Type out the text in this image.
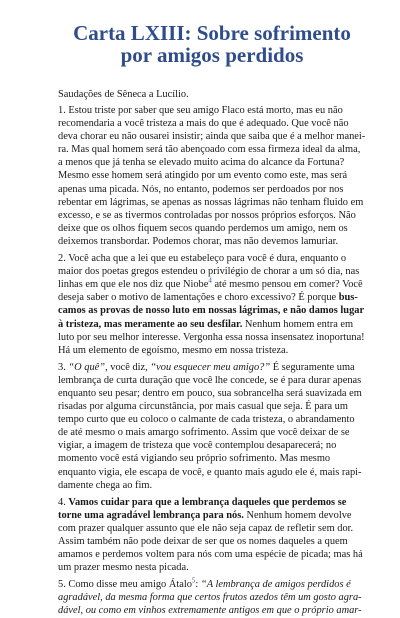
Carta LXIII: Sobre sofrimento
por amigos perdidos

Saudações de Sêneca a Lucílio.

1. Estou triste por saber que seu amigo Flaco está morto, mas eu não
recomendaria a você tristeza a mais do que é adequado. Que você não
deva chorar eu não ousarei insistir; ainda que saiba que é a melhor manei-
ra. Mas qual homem será tão abençoado com essa firmeza ideal da alma,
a menos que já tenha se elevado muito acima do alcance da Fortuna?
Mesmo esse homem será atingido por um evento como este, mas será
apenas uma picada. Nós, no entanto, podemos ser perdoados por nos
rebentar em lágrimas, se apenas as nossas lágrimas não tenham fluido em
excesso, e se as tivermos controladas por nossos próprios esforços. Não
deixe que os olhos fiquem secos quando perdemos um amigo, nem os
deixemos transbordar. Podemos chorar, mas não devemos lamuriar.

2. Você acha que a lei que eu estabeleço para você é dura, enquanto o
maior dos poetas gregos estendeu o privilégio de chorar a um só dia, nas
linhas em que ele nos diz que Niobe$^4$ até mesmo pensou em comer? Você
deseja saber o motivo de lamentações e choro excessivo? É porque bus-
camos as provas de nosso luto em nossas lágrimas, e não damos lugar
à tristeza, mas meramente ao seu desfilar. Nenhum homem entra em
luto por seu melhor interesse. Vergonha essa nossa insensatez inoportuna!
Há um elemento de egoísmo, mesmo em nossa tristeza.

3. “O quê”, você diz, “vou esquecer meu amigo?” É seguramente uma
lembrança de curta duração que você lhe concede, se é para durar apenas
enquanto seu pesar; dentro em pouco, sua sobrancelha será suavizada em
risadas por alguma circunstância, por mais casual que seja. É para um
tempo curto que eu coloco o calmante de cada tristeza, o abrandamento
de até mesmo o mais amargo sofrimento. Assim que você deixar de se
vigiar, a imagem de tristeza que você contemplou desaparecerá; no
momento você está vigiando seu próprio sofrimento. Mas mesmo
enquanto vigia, ele escapa de você, e quanto mais agudo ele é, mais rapi-
damente chega ao fim.

4. Vamos cuidar para que a lembrança daqueles que perdemos se
torne uma agradável lembrança para nós. Nenhum homem devolve
com prazer qualquer assunto que ele não seja capaz de refletir sem dor.
Assim também não pode deixar de ser que os nomes daqueles a quem
amamos e perdemos voltem para nós com uma espécie de picada; mas há
um prazer mesmo nesta picada.

5. Como disse meu amigo Átalo$^5$: “A lembrança de amigos perdidos é
agradável, da mesma forma que certos frutos azedos têm um gosto agra-
dável, ou como em vinhos extremamente antigos em que o próprio amar-
